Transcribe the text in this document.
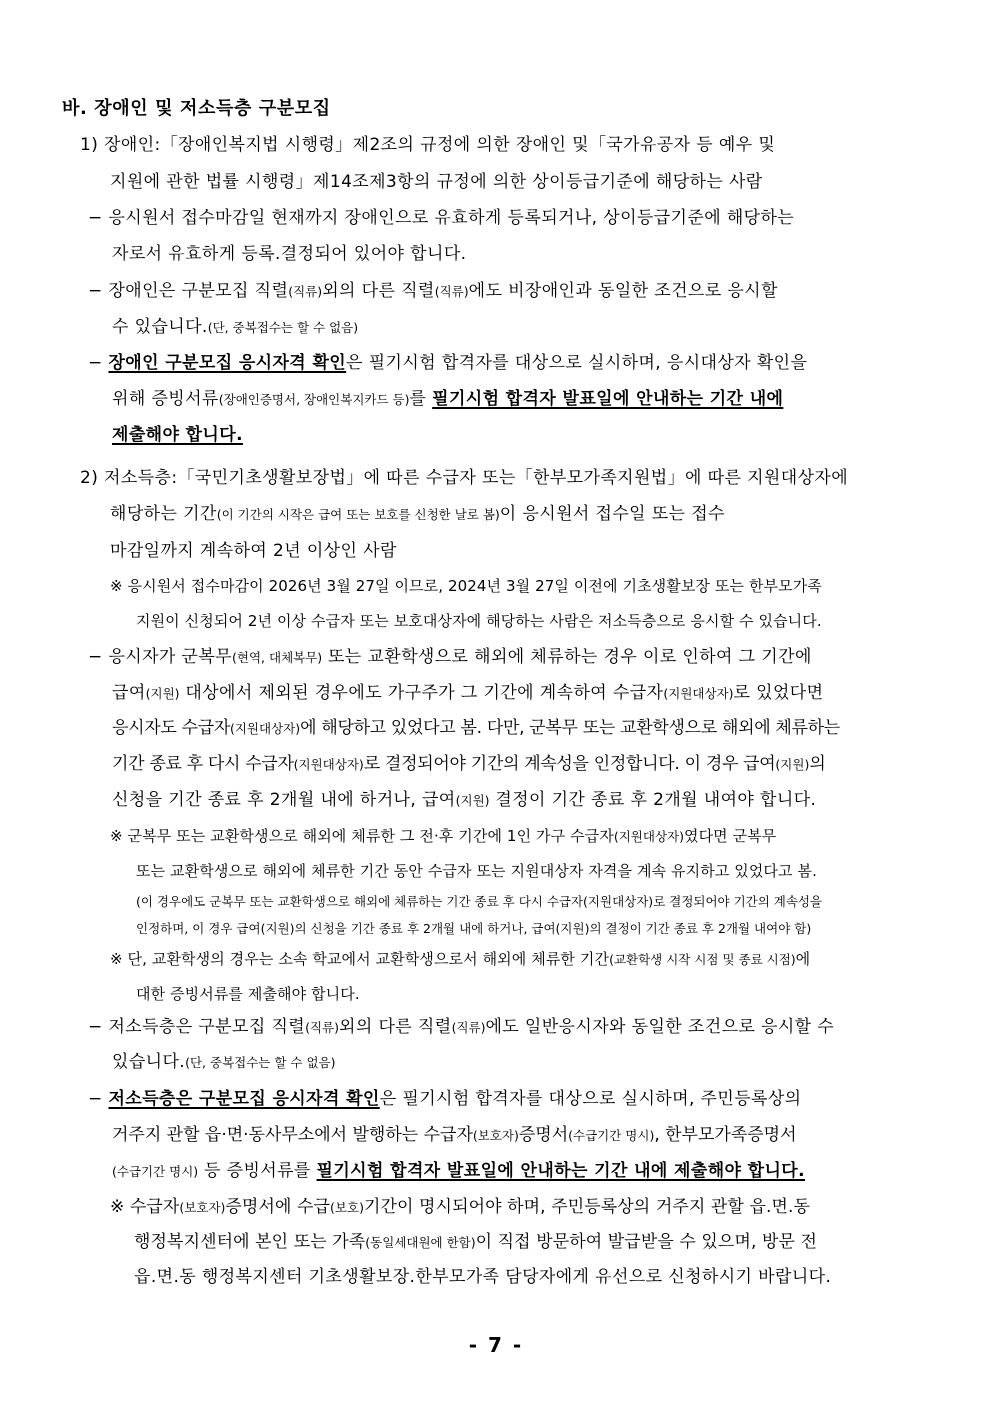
바. 장애인 및 저소득층 구분모집
1) 장애인:「장애인복지법 시행령」제2조의 규정에 의한 장애인 및「국가유공자 등 예우 및
지원에 관한 법률 시행령」제14조제3항의 규정에 의한 상이등급기준에 해당하는 사람
− 응시원서 접수마감일 현재까지 장애인으로 유효하게 등록되거나, 상이등급기준에 해당하는
자로서 유효하게 등록.결정되어 있어야 합니다.
− 장애인은 구분모집 직렬(직류)외의 다른 직렬(직류)에도 비장애인과 동일한 조건으로 응시할
수 있습니다.(단, 중복접수는 할 수 없음)
− 장애인 구분모집 응시자격 확인은 필기시험 합격자를 대상으로 실시하며, 응시대상자 확인을
위해 증빙서류(장애인증명서, 장애인복지카드 등)를 필기시험 합격자 발표일에 안내하는 기간 내에
제출해야 합니다.
2) 저소득층:「국민기초생활보장법」에 따른 수급자 또는「한부모가족지원법」에 따른 지원대상자에
해당하는 기간(이 기간의 시작은 급여 또는 보호를 신청한 날로 봄)이 응시원서 접수일 또는 접수
마감일까지 계속하여 2년 이상인 사람
※ 응시원서 접수마감이 2026년 3월 27일 이므로, 2024년 3월 27일 이전에 기초생활보장 또는 한부모가족
지원이 신청되어 2년 이상 수급자 또는 보호대상자에 해당하는 사람은 저소득층으로 응시할 수 있습니다.
− 응시자가 군복무(현역, 대체복무) 또는 교환학생으로 해외에 체류하는 경우 이로 인하여 그 기간에
급여(지원) 대상에서 제외된 경우에도 가구주가 그 기간에 계속하여 수급자(지원대상자)로 있었다면
응시자도 수급자(지원대상자)에 해당하고 있었다고 봄. 다만, 군복무 또는 교환학생으로 해외에 체류하는
기간 종료 후 다시 수급자(지원대상자)로 결정되어야 기간의 계속성을 인정합니다. 이 경우 급여(지원)의
신청을 기간 종료 후 2개월 내에 하거나, 급여(지원) 결정이 기간 종료 후 2개월 내여야 합니다.
※ 군복무 또는 교환학생으로 해외에 체류한 그 전·후 기간에 1인 가구 수급자(지원대상자)였다면 군복무
또는 교환학생으로 해외에 체류한 기간 동안 수급자 또는 지원대상자 자격을 계속 유지하고 있었다고 봄.
(이 경우에도 군복무 또는 교환학생으로 해외에 체류하는 기간 종료 후 다시 수급자(지원대상자)로 결정되어야 기간의 계속성을
인정하며, 이 경우 급여(지원)의 신청을 기간 종료 후 2개월 내에 하거나, 급여(지원)의 결정이 기간 종료 후 2개월 내여야 함)
※ 단, 교환학생의 경우는 소속 학교에서 교환학생으로서 해외에 체류한 기간(교환학생 시작 시점 및 종료 시점)에
대한 증빙서류를 제출해야 합니다.
− 저소득층은 구분모집 직렬(직류)외의 다른 직렬(직류)에도 일반응시자와 동일한 조건으로 응시할 수
있습니다.(단, 중복접수는 할 수 없음)
− 저소득층은 구분모집 응시자격 확인은 필기시험 합격자를 대상으로 실시하며, 주민등록상의
거주지 관할 읍·면·동사무소에서 발행하는 수급자(보호자)증명서(수급기간 명시), 한부모가족증명서
(수급기간 명시) 등 증빙서류를 필기시험 합격자 발표일에 안내하는 기간 내에 제출해야 합니다.
※ 수급자(보호자)증명서에 수급(보호)기간이 명시되어야 하며, 주민등록상의 거주지 관할 읍.면.동
행정복지센터에 본인 또는 가족(동일세대원에 한함)이 직접 방문하여 발급받을 수 있으며, 방문 전
읍.면.동 행정복지센터 기초생활보장.한부모가족 담당자에게 유선으로 신청하시기 바랍니다.
- 7 -
